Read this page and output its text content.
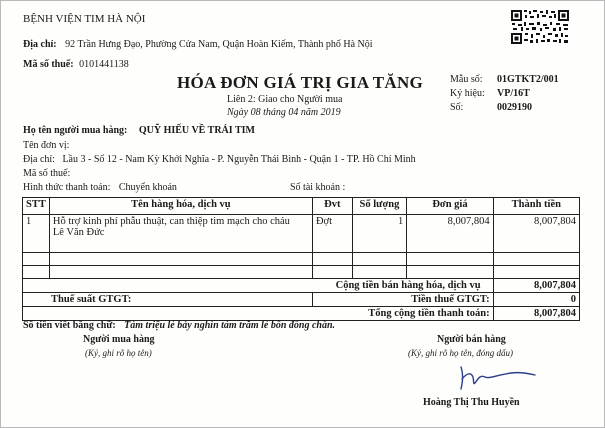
BỆNH VIỆN TIM HÀ NỘI
Địa chỉ: 92 Trần Hưng Đạo, Phường Cửa Nam, Quận Hoàn Kiếm, Thành phố Hà Nội
Mã số thuế: 0101441138
HÓA ĐƠN GIÁ TRỊ GIA TĂNG
Liên 2: Giao cho Người mua
Ngày 08 tháng 04 năm 2019
Mẫu số: 01GTKT2/001
Ký hiệu: VP/16T
Số:	0029190
Họ tên người mua hàng: QUỸ HIẾU VỀ TRÁI TIM
Tên đơn vị:
Địa chỉ: Lầu 3 - Số 12 - Nam Kỳ Khởi Nghĩa - P. Nguyễn Thái Bình - Quận 1 - TP. Hồ Chí Minh
Mã số thuế:
Hình thức thanh toán: Chuyển khoản	Số tài khoản :
STT	Tên hàng hóa, dịch vụ	Đvt	Số lượng	Đơn giá	Thành tiền
1	Hỗ trợ kinh phí phẫu thuật, can thiệp tim mạch cho cháu
Lê Văn Đức	Đợt	1	8,007,804	8,007,804

Cộng tiền bán hàng hóa, dịch vụ					8,007,804
Thuế suất GTGT:		Tiền thuế GTGT:			0
Tổng cộng tiền thanh toán:					8,007,804
Số tiền viết bằng chữ: Tám triệu lẻ bảy nghìn tám trăm lẻ bốn đồng chẵn.
Người mua hàng
(Ký, ghi rõ họ tên)
Người bán hàng
(Ký, ghi rõ họ tên, đóng dấu)
Hoàng Thị Thu Huyền
